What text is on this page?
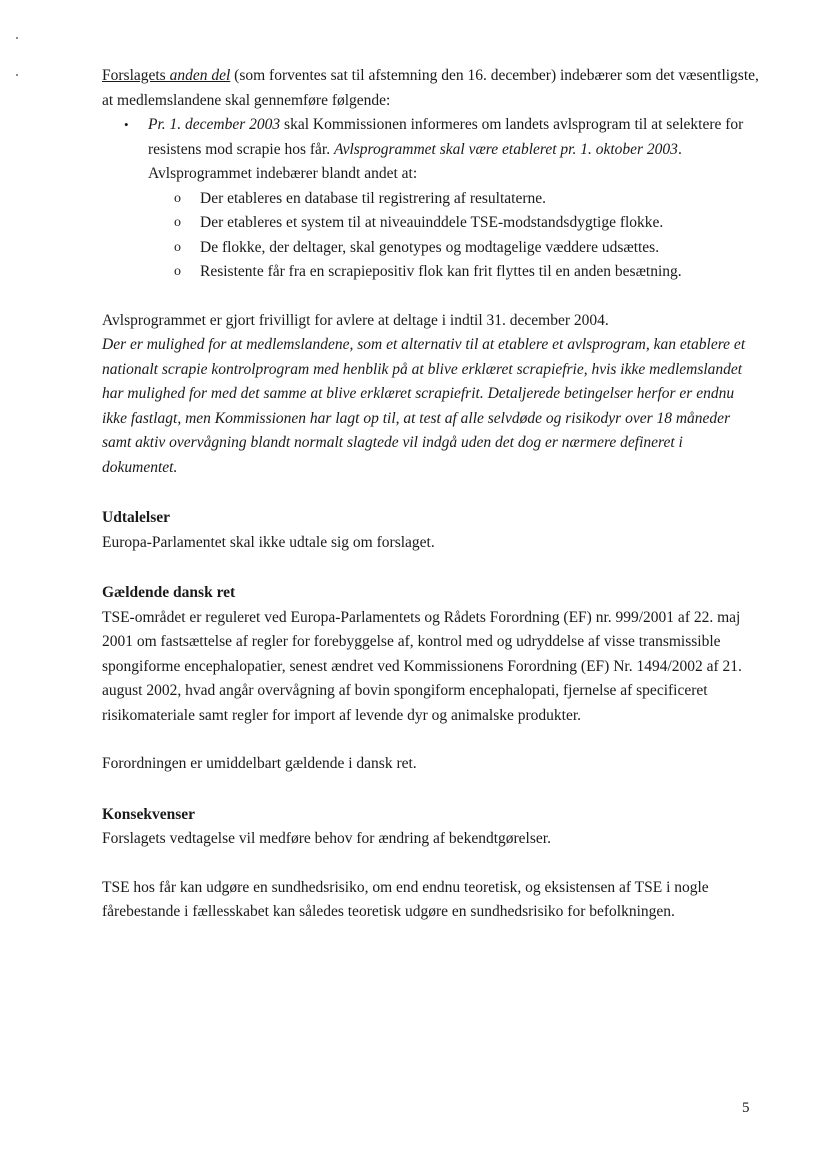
Forslagets anden del (som forventes sat til afstemning den 16. december) indebærer som det væsentligste, at medlemslandene skal gennemføre følgende:

• Pr. 1. december 2003 skal Kommissionen informeres om landets avlsprogram til at selektere for resistens mod scrapie hos får. Avlsprogrammet skal være etableret pr. 1. oktober 2003. Avlsprogrammet indebærer blandt andet at:
o Der etableres en database til registrering af resultaterne.
o Der etableres et system til at niveauinddele TSE-modstandsdygtige flokke.
o De flokke, der deltager, skal genotypes og modtagelige væddere udsættes.
o Resistente får fra en scrapiepositiv flok kan frit flyttes til en anden besætning.

Avlsprogrammet er gjort frivilligt for avlere at deltage i indtil 31. december 2004.

Der er mulighed for at medlemslandene, som et alternativ til at etablere et avlsprogram, kan etablere et nationalt scrapie kontrolprogram med henblik på at blive erklæret scrapiefrie, hvis ikke medlemslandet har mulighed for med det samme at blive erklæret scrapiefrit. Detaljerede betingelser herfor er endnu ikke fastlagt, men Kommissionen har lagt op til, at test af alle selvdøde og risikodyr over 18 måneder samt aktiv overvågning blandt normalt slagtede vil indgå uden det dog er nærmere defineret i dokumentet.

Udtalelser

Europa-Parlamentet skal ikke udtale sig om forslaget.

Gældende dansk ret

TSE-området er reguleret ved Europa-Parlamentets og Rådets Forordning (EF) nr. 999/2001 af 22. maj 2001 om fastsættelse af regler for forebyggelse af, kontrol med og udryddelse af visse transmissible spongiforme encephalopatier, senest ændret ved Kommissionens Forordning (EF) Nr. 1494/2002 af 21. august 2002, hvad angår overvågning af bovin spongiform encephalopati, fjernelse af specificeret risikomateriale samt regler for import af levende dyr og animalske produkter.

Forordningen er umiddelbart gældende i dansk ret.

Konsekvenser

Forslagets vedtagelse vil medføre behov for ændring af bekendtgørelser.

TSE hos får kan udgøre en sundhedsrisiko, om end endnu teoretisk, og eksistensen af TSE i nogle fårebestande i fællesskabet kan således teoretisk udgøre en sundhedsrisiko for befolkningen.

5
